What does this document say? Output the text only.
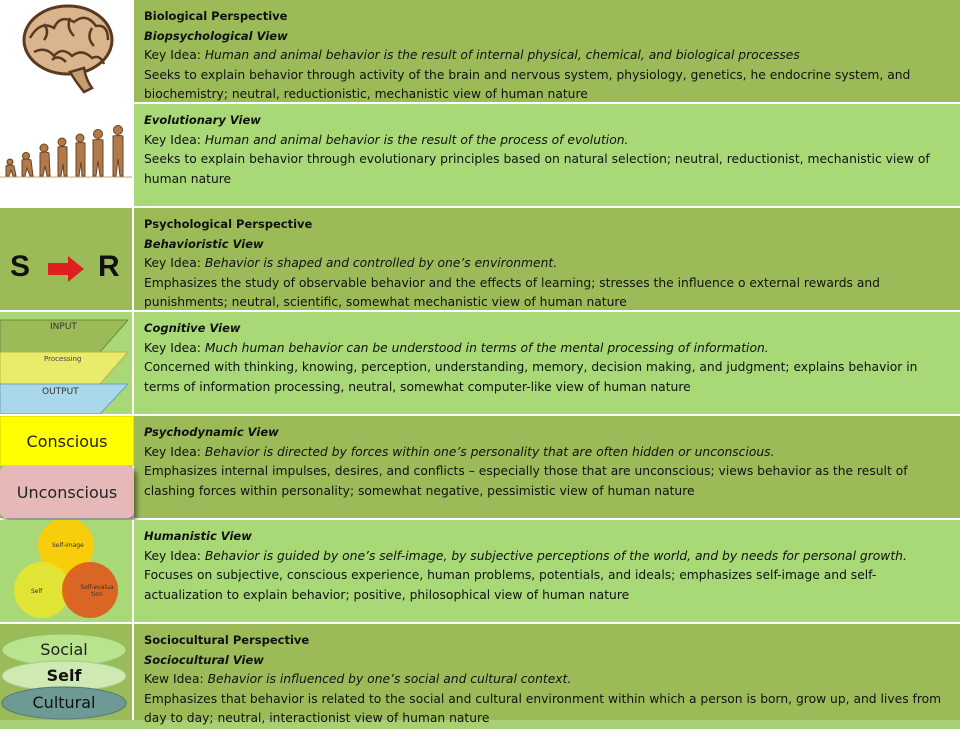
Biological Perspective
Biopsychological View
Key Idea: Human and animal behavior is the result of internal physical, chemical, and biological processes
Seeks to explain behavior through activity of the brain and nervous system, physiology, genetics, he endocrine system, and biochemistry; neutral, reductionistic, mechanistic view of human nature
Evolutionary View
Key Idea: Human and animal behavior is the result of the process of evolution.
Seeks to explain behavior through evolutionary principles based on natural selection; neutral, reductionist, mechanistic view of human nature
S R
Psychological Perspective
Behavioristic View
Key Idea: Behavior is shaped and controlled by one’s environment.
Emphasizes the study of observable behavior and the effects of learning; stresses the influence o external rewards and punishments; neutral, scientific, somewhat mechanistic view of human nature
INPUT
Processing
OUTPUT
Cognitive View
Key Idea: Much human behavior can be understood in terms of the mental processing of information.
Concerned with thinking, knowing, perception, understanding, memory, decision making, and judgment; explains behavior in terms of information processing, neutral, somewhat computer-like view of human nature
Conscious
Unconscious
Psychodynamic View
Key Idea: Behavior is directed by forces within one’s personality that are often hidden or unconscious.
Emphasizes internal impulses, desires, and conflicts – especially those that are unconscious; views behavior as the result of clashing forces within personality; somewhat negative, pessimistic view of human nature
Self-image
Self
Self-evaluation
Humanistic View
Key Idea: Behavior is guided by one’s self-image, by subjective perceptions of the world, and by needs for personal growth.
Focuses on subjective, conscious experience, human problems, potentials, and ideals; emphasizes self-image and self-actualization to explain behavior; positive, philosophical view of human nature
Social
Self
Cultural
Sociocultural Perspective
Sociocultural View
Kew Idea: Behavior is influenced by one’s social and cultural context.
Emphasizes that behavior is related to the social and cultural environment within which a person is born, grow up, and lives from day to day; neutral, interactionist view of human nature
